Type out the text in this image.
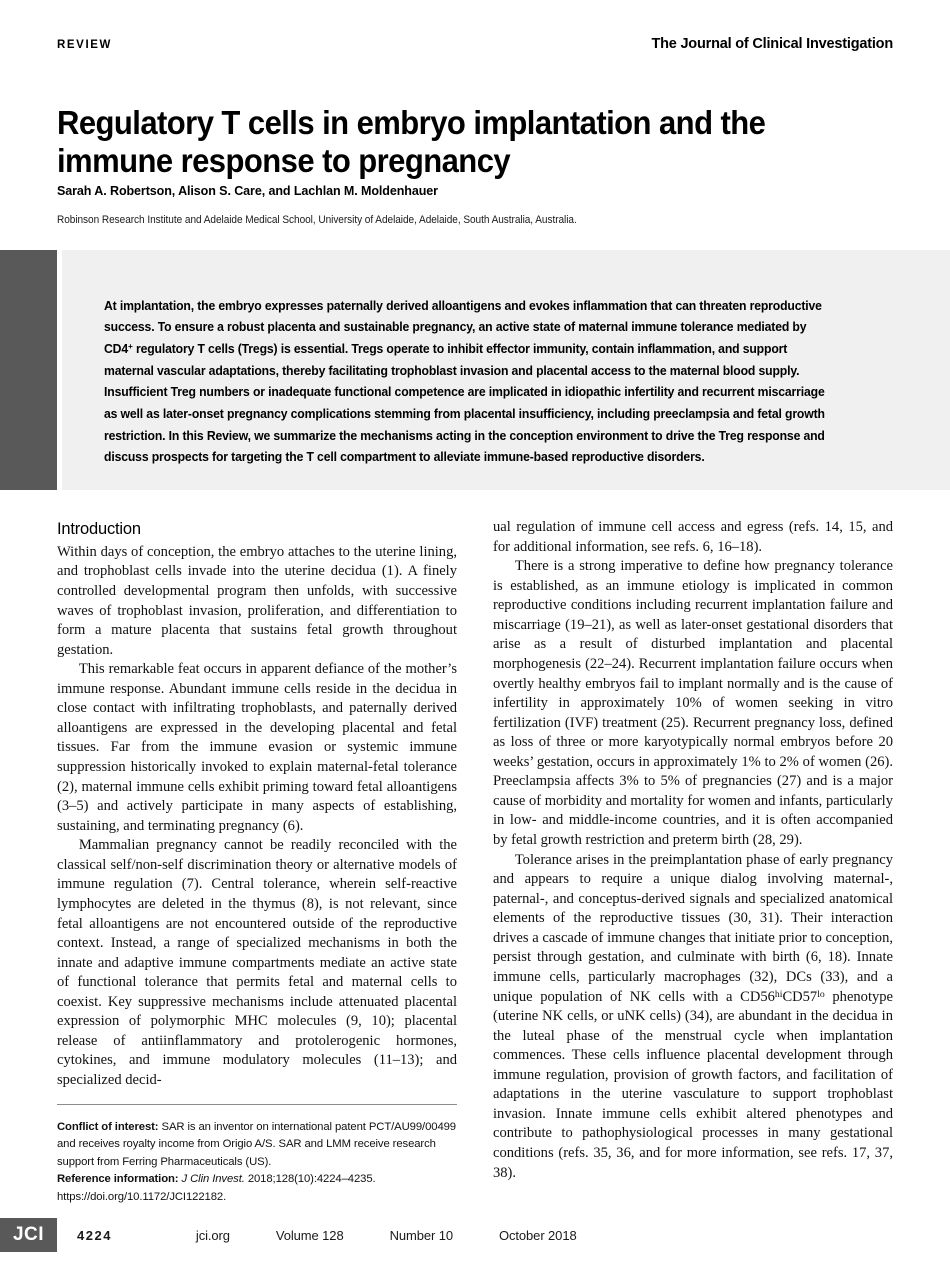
REVIEW	The Journal of Clinical Investigation
Regulatory T cells in embryo implantation and the immune response to pregnancy
Sarah A. Robertson, Alison S. Care, and Lachlan M. Moldenhauer
Robinson Research Institute and Adelaide Medical School, University of Adelaide, Adelaide, South Australia, Australia.

At implantation, the embryo expresses paternally derived alloantigens and evokes inflammation that can threaten reproductive success. To ensure a robust placenta and sustainable pregnancy, an active state of maternal immune tolerance mediated by CD4+ regulatory T cells (Tregs) is essential. Tregs operate to inhibit effector immunity, contain inflammation, and support maternal vascular adaptations, thereby facilitating trophoblast invasion and placental access to the maternal blood supply. Insufficient Treg numbers or inadequate functional competence are implicated in idiopathic infertility and recurrent miscarriage as well as later-onset pregnancy complications stemming from placental insufficiency, including preeclampsia and fetal growth restriction. In this Review, we summarize the mechanisms acting in the conception environment to drive the Treg response and discuss prospects for targeting the T cell compartment to alleviate immune-based reproductive disorders.

Introduction

Within days of conception, the embryo attaches to the uterine lining, and trophoblast cells invade into the uterine decidua (1). A finely controlled developmental program then unfolds, with successive waves of trophoblast invasion, proliferation, and differentiation to form a mature placenta that sustains fetal growth throughout gestation.

This remarkable feat occurs in apparent defiance of the mother’s immune response. Abundant immune cells reside in the decidua in close contact with infiltrating trophoblasts, and paternally derived alloantigens are expressed in the developing placental and fetal tissues. Far from the immune evasion or systemic immune suppression historically invoked to explain maternal-fetal tolerance (2), maternal immune cells exhibit priming toward fetal alloantigens (3–5) and actively participate in many aspects of establishing, sustaining, and terminating pregnancy (6).

Mammalian pregnancy cannot be readily reconciled with the classical self/non-self discrimination theory or alternative models of immune regulation (7). Central tolerance, wherein self-reactive lymphocytes are deleted in the thymus (8), is not relevant, since fetal alloantigens are not encountered outside of the reproductive context. Instead, a range of specialized mechanisms in both the innate and adaptive immune compartments mediate an active state of functional tolerance that permits fetal and maternal cells to coexist. Key suppressive mechanisms include attenuated placental expression of polymorphic MHC molecules (9, 10); placental release of antiinflammatory and protolerogenic hormones, cytokines, and immune modulatory molecules (11–13); and specialized decid-

ual regulation of immune cell access and egress (refs. 14, 15, and for additional information, see refs. 6, 16–18).

There is a strong imperative to define how pregnancy tolerance is established, as an immune etiology is implicated in common reproductive conditions including recurrent implantation failure and miscarriage (19–21), as well as later-onset gestational disorders that arise as a result of disturbed implantation and placental morphogenesis (22–24). Recurrent implantation failure occurs when overtly healthy embryos fail to implant normally and is the cause of infertility in approximately 10% of women seeking in vitro fertilization (IVF) treatment (25). Recurrent pregnancy loss, defined as loss of three or more karyotypically normal embryos before 20 weeks’ gestation, occurs in approximately 1% to 2% of women (26). Preeclampsia affects 3% to 5% of pregnancies (27) and is a major cause of morbidity and mortality for women and infants, particularly in low- and middle-income countries, and it is often accompanied by fetal growth restriction and preterm birth (28, 29).

Tolerance arises in the preimplantation phase of early pregnancy and appears to require a unique dialog involving maternal-, paternal-, and conceptus-derived signals and specialized anatomical elements of the reproductive tissues (30, 31). Their interaction drives a cascade of immune changes that initiate prior to conception, persist through gestation, and culminate with birth (6, 18). Innate immune cells, particularly macrophages (32), DCs (33), and a unique population of NK cells with a $CD56^{hi}CD57^{lo}$ phenotype (uterine NK cells, or uNK cells) (34), are abundant in the decidua in the luteal phase of the menstrual cycle when implantation commences. These cells influence placental development through immune regulation, provision of growth factors, and facilitation of adaptations in the uterine vasculature to support trophoblast invasion. Innate immune cells exhibit altered phenotypes and contribute to pathophysiological processes in many gestational conditions (refs. 35, 36, and for more information, see refs. 17, 37, 38).

Conflict of interest: SAR is an inventor on international patent PCT/AU99/00499 and receives royalty income from Origio A/S. SAR and LMM receive research support from Ferring Pharmaceuticals (US).

Reference information: J Clin Invest. 2018;128(10):4224–4235.

https://doi.org/10.1172/JCI122182.

JCI	4224	jci.org	Volume 128	Number 10	October 2018
